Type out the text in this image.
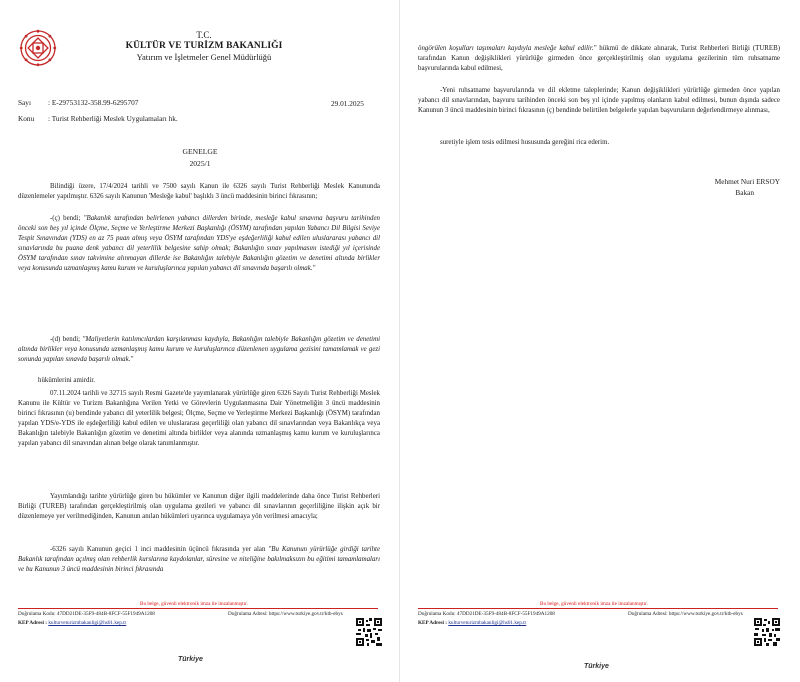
T.C.
KÜLTÜR VE TURİZM BAKANLIĞI
Yatırım ve İşletmeler Genel Müdürlüğü
Sayı	: E-29753132-358.99-6295707	29.01.2025
Konu	: Turist Rehberliği Meslek Uygulamaları hk.
GENELGE
2025/1
Bilindiği üzere, 17/4/2024 tarihli ve 7500 sayılı Kanun ile 6326 sayılı Turist Rehberliği Meslek Kanununda düzenlemeler yapılmıştır. 6326 sayılı Kanunun 'Mesleğe kabul' başlıklı 3 üncü maddesinin birinci fıkrasının;
-(ç) bendi; "Bakanlık tarafından belirlenen yabancı dillerden birinde, mesleğe kabul sınavına başvuru tarihinden önceki son beş yıl içinde Ölçme, Seçme ve Yerleştirme Merkezi Başkanlığı (ÖSYM) tarafından yapılan Yabancı Dil Bilgisi Seviye Tespit Sınavından (YDS) en az 75 puan almış veya ÖSYM tarafından YDS'ye eşdeğerliliği kabul edilen uluslararası yabancı dil sınavlarında bu puana denk yabancı dil yeterlilik belgesine sahip olmak; Bakanlığın sınav yapılmasını istediği yıl içerisinde ÖSYM tarafından sınav takvimine alınmayan dillerde ise Bakanlığın talebiyle Bakanlığın gözetim ve denetimi altında birlikler veya konusunda uzmanlaşmış kamu kurum ve kuruluşlarınca yapılan yabancı dil sınavında başarılı olmak."
-(d) bendi; "Maliyetlerin katılımcılardan karşılanması kaydıyla, Bakanlığın talebiyle Bakanlığın gözetim ve denetimi altında birlikler veya konusunda uzmanlaşmış kamu kurum ve kuruluşlarınca düzenlenen uygulama gezisini tamamlamak ve gezi sonunda yapılan sınavda başarılı olmak."
hükümlerini amirdir.
07.11.2024 tarihli ve 32715 sayılı Resmi Gazete'de yayımlanarak yürürlüğe giren 6326 Sayılı Turist Rehberliği Meslek Kanunu ile Kültür ve Turizm Bakanlığına Verilen Yetki ve Görevlerin Uygulanmasına Dair Yönetmeliğin 3 üncü maddesinin birinci fıkrasının (u) bendinde yabancı dil yeterlilik belgesi; Ölçme, Seçme ve Yerleştirme Merkezi Başkanlığı (ÖSYM) tarafından yapılan YDS/e-YDS ile eşdeğerliliği kabul edilen ve uluslararası geçerliliği olan yabancı dil sınavlarından veya Bakanlıkça veya Bakanlığın talebiyle Bakanlığın gözetim ve denetimi altında birlikler veya alanında uzmanlaşmış kamu kurum ve kuruluşlarınca yapılan yabancı dil sınavından alınan belge olarak tanımlanmıştır.
Yayımlandığı tarihte yürürlüğe giren bu hükümler ve Kanunun diğer ilgili maddelerinde daha önce Turist Rehberleri Birliği (TUREB) tarafından gerçekleştirilmiş olan uygulama gezileri ve yabancı dil sınavlarının geçerliliğine ilişkin açık bir düzenlemeye yer verilmediğinden, Kanunun anılan hükümleri uyarınca uygulamaya yön verilmesi amacıyla;
-6326 sayılı Kanunun geçici 1 inci maddesinin üçüncü fıkrasında yer alan "Bu Kanunun yürürlüğe girdiği tarihte Bakanlık tarafından açılmış olan rehberlik kurslarına kaydolanlar, süresine ve niteliğine bakılmaksızın bu eğitimi tamamlamaları ve bu Kanunun 3 üncü maddesinin birinci fıkrasında
Bu belge, güvenli elektronik imza ile imzalanmıştır.
Doğrulama Kodu: 47DD21DE-35F9-484B-8FCF-55F1949A1208	Doğrulama Adresi: https://www.turkiye.gov.tr/ktb-ebys
KEP Adresi : kulturveturizmbakanligi@hs01.kep.tr
Türkiye
öngörülen koşulları taşımaları kaydıyla mesleğe kabul edilir." hükmü de dikkate alınarak, Turist Rehberleri Birliği (TUREB) tarafından Kanun değişiklikleri yürürlüğe girmeden önce gerçekleştirilmiş olan uygulama gezilerinin tüm ruhsatname başvurularında kabul edilmesi,
-Yeni ruhsatname başvurularında ve dil ekletme taleplerinde; Kanun değişiklikleri yürürlüğe girmeden önce yapılan yabancı dil sınavlarından, başvuru tarihinden önceki son beş yıl içinde yapılmış olanların kabul edilmesi, bunun dışında sadece Kanunun 3 üncü maddesinin birinci fıkrasının (ç) bendinde belirtilen belgelerle yapılan başvuruların değerlendirmeye alınması,
suretiyle işlem tesis edilmesi hususunda gereğini rica ederim.
Mehmet Nuri ERSOY
Bakan
Bu belge, güvenli elektronik imza ile imzalanmıştır.
Doğrulama Kodu: 47DD21DE-35F9-484B-8FCF-55F1949A1208	Doğrulama Adresi: https://www.turkiye.gov.tr/ktb-ebys
KEP Adresi : kulturveturizmbakanligi@hs01.kep.tr
Türkiye
